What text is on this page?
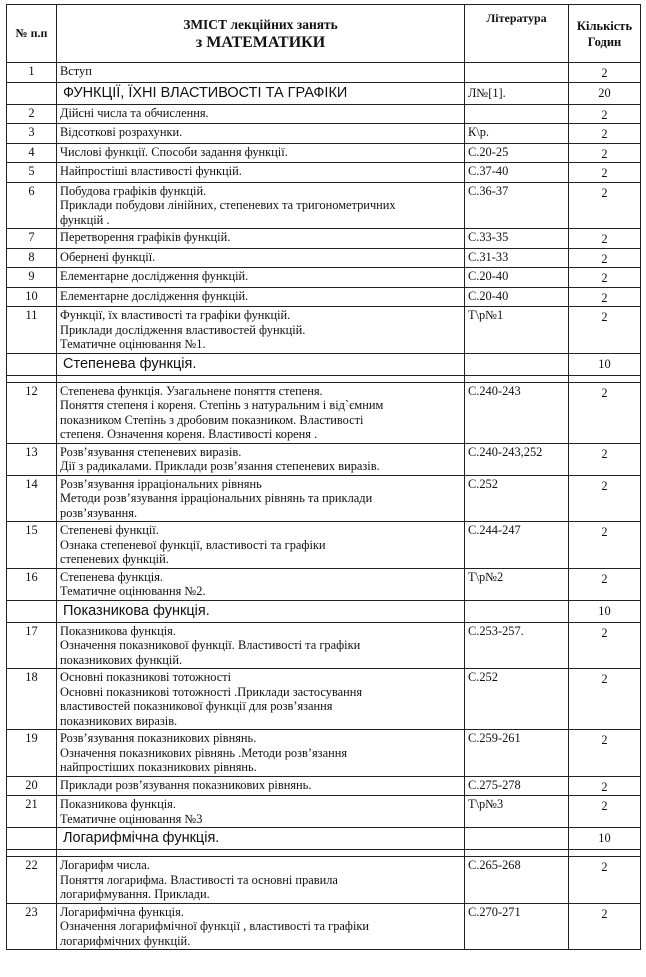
№ п.п	ЗМІСТ лекційних занять
з МАТЕМАТИКИ	Література	Кількість Годин
1	Вступ		2
	ФУНКЦІЇ, ЇХНІ ВЛАСТИВОСТІ ТА ГРАФІКИ	Л№[1].	20
2	Дійсні числа та обчислення.		2
3	Відсоткові розрахунки.	К\р.	2
4	Числові функції. Способи задання функції.	С.20-25	2
5	Найпростіші властивості функцій.	С.37-40	2
6	Побудова графіків функцій.
Приклади побудови лінійних, степеневих та тригонометричних
функцій .	С.36-37	2
7	Перетворення графіків функцій.	С.33-35	2
8	Обернені функції.	С.31-33	2
9	Елементарне дослідження функцій.	С.20-40	2
10	Елементарне дослідження функцій.	С.20-40	2
11	Функції, їх властивості та графіки функцій.
Приклади дослідження властивостей функцій.
Тематичне оцінювання №1.	Т\р№1	2
	Степенева функція.		10

12	Степенева функція. Узагальнене поняття степеня.
Поняття степеня і кореня. Степінь з натуральним і від`ємним
показником Степінь з дробовим показником. Властивості
степеня. Означення кореня. Властивості кореня .	С.240-243	2
13	Розв’язування степеневих виразів.
Дії з радикалами. Приклади розв’язання степеневих виразів.	С.240-243,252	2
14	Розв’язування ірраціональних рівнянь
Методи розв’язування ірраціональних рівнянь та приклади
розв’язування.	С.252	2
15	Степеневі функції.
Ознака степеневої функції, властивості та графіки
степеневих функцій.	С.244-247	2
16	Степенева функція.
Тематичне оцінювання №2.	Т\р№2	2
	Показникова функція.		10
17	Показникова функція.
Означення показникової функції. Властивості та графіки
показникових функцій.	С.253-257.	2
18	Основні показникові тотожності
Основні показникові тотожності .Приклади застосування
властивостей показникової функції для розв’язання
показникових виразів.	С.252	2
19	Розв’язування показникових рівнянь.
Означення показникових рівнянь .Методи розв’язання
найпростіших показникових рівнянь.	С.259-261	2
20	Приклади розв’язування показникових рівнянь.	С.275-278	2
21	Показникова функція.
Тематичне оцінювання №3	Т\р№3	2
	Логарифмічна функція.		10

22	Логарифм числа.
Поняття логарифма. Властивості та основні правила
логарифмування. Приклади.	С.265-268	2
23	Логарифмічна функція.
Означення логарифмічної функції , властивості та графіки
логарифмічних функцій.	С.270-271	2
